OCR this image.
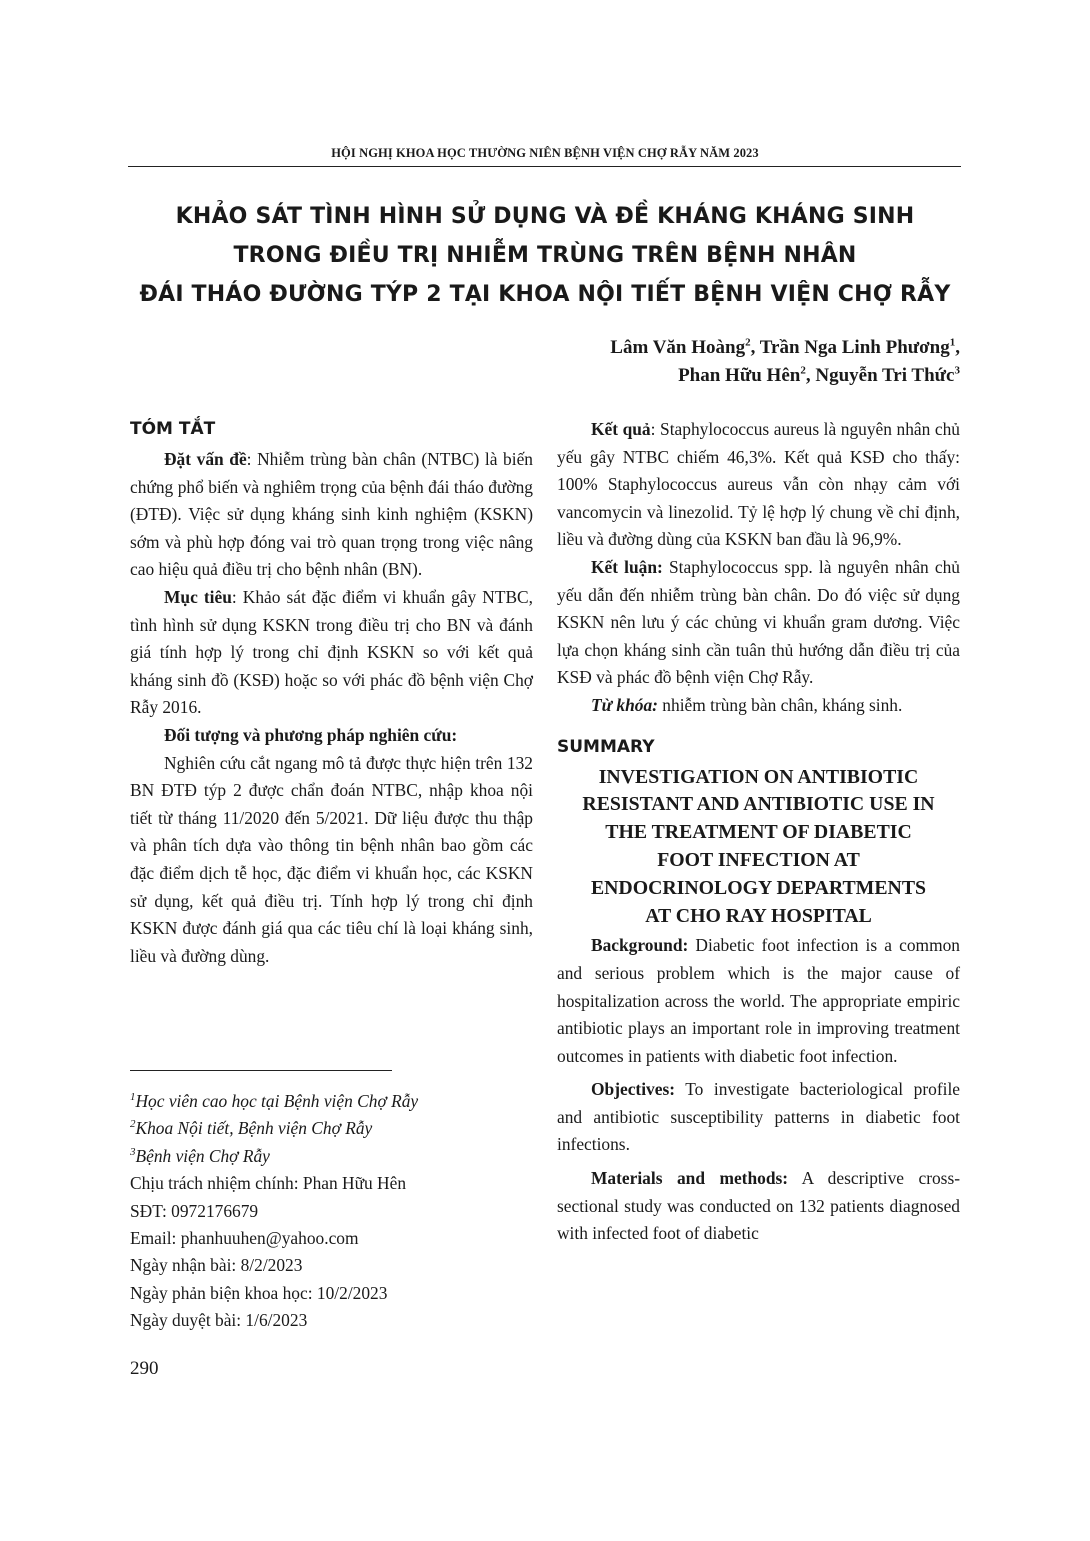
HỘI NGHỊ KHOA HỌC THƯỜNG NIÊN BỆNH VIỆN CHỢ RẪY NĂM 2023
KHẢO SÁT TÌNH HÌNH SỬ DỤNG VÀ ĐỀ KHÁNG KHÁNG SINH
TRONG ĐIỀU TRỊ NHIỄM TRÙNG TRÊN BỆNH NHÂN
ĐÁI THÁO ĐƯỜNG TÝP 2 TẠI KHOA NỘI TIẾT BỆNH VIỆN CHỢ RẪY
Lâm Văn Hoàng$^2$, Trần Nga Linh Phương$^1$,
Phan Hữu Hên$^2$, Nguyễn Tri Thức$^3$
TÓM TẮT

Đặt vấn đề: Nhiễm trùng bàn chân (NTBC) là biến chứng phổ biến và nghiêm trọng của bệnh đái tháo đường (ĐTĐ). Việc sử dụng kháng sinh kinh nghiệm (KSKN) sớm và phù hợp đóng vai trò quan trọng trong việc nâng cao hiệu quả điều trị cho bệnh nhân (BN).

Mục tiêu: Khảo sát đặc điểm vi khuẩn gây NTBC, tình hình sử dụng KSKN trong điều trị cho BN và đánh giá tính hợp lý trong chỉ định KSKN so với kết quả kháng sinh đồ (KSĐ) hoặc so với phác đồ bệnh viện Chợ Rẫy 2016.

Đối tượng và phương pháp nghiên cứu:

Nghiên cứu cắt ngang mô tả được thực hiện trên 132 BN ĐTĐ týp 2 được chẩn đoán NTBC, nhập khoa nội tiết từ tháng 11/2020 đến 5/2021. Dữ liệu được thu thập và phân tích dựa vào thông tin bệnh nhân bao gồm các đặc điểm dịch tễ học, đặc điểm vi khuẩn học, các KSKN sử dụng, kết quả điều trị. Tính hợp lý trong chỉ định KSKN được đánh giá qua các tiêu chí là loại kháng sinh, liều và đường dùng.

Kết quả: Staphylococcus aureus là nguyên nhân chủ yếu gây NTBC chiếm 46,3%. Kết quả KSĐ cho thấy: 100% Staphylococcus aureus vẫn còn nhạy cảm với vancomycin và linezolid. Tỷ lệ hợp lý chung về chỉ định, liều và đường dùng của KSKN ban đầu là 96,9%.

Kết luận: Staphylococcus spp. là nguyên nhân chủ yếu dẫn đến nhiễm trùng bàn chân. Do đó việc sử dụng KSKN nên lưu ý các chủng vi khuẩn gram dương. Việc lựa chọn kháng sinh cần tuân thủ hướng dẫn điều trị của KSĐ và phác đồ bệnh viện Chợ Rẫy.

Từ khóa: nhiễm trùng bàn chân, kháng sinh.

SUMMARY
INVESTIGATION ON ANTIBIOTIC
RESISTANT AND ANTIBIOTIC USE IN
THE TREATMENT OF DIABETIC
FOOT INFECTION AT
ENDOCRINOLOGY DEPARTMENTS
AT CHO RAY HOSPITAL

Background: Diabetic foot infection is a common and serious problem which is the major cause of hospitalization across the world. The appropriate empiric antibiotic plays an important role in improving treatment outcomes in patients with diabetic foot infection.

Objectives: To investigate bacteriological profile and antibiotic susceptibility patterns in diabetic foot infections.

Materials and methods: A descriptive cross-sectional study was conducted on 132 patients diagnosed with infected foot of diabetic

$^1$Học viên cao học tại Bệnh viện Chợ Rẫy
$^2$Khoa Nội tiết, Bệnh viện Chợ Rẫy
$^3$Bệnh viện Chợ Rẫy
Chịu trách nhiệm chính: Phan Hữu Hên
SĐT: 0972176679
Email: phanhuuhen@yahoo.com
Ngày nhận bài: 8/2/2023
Ngày phản biện khoa học: 10/2/2023
Ngày duyệt bài: 1/6/2023
290
